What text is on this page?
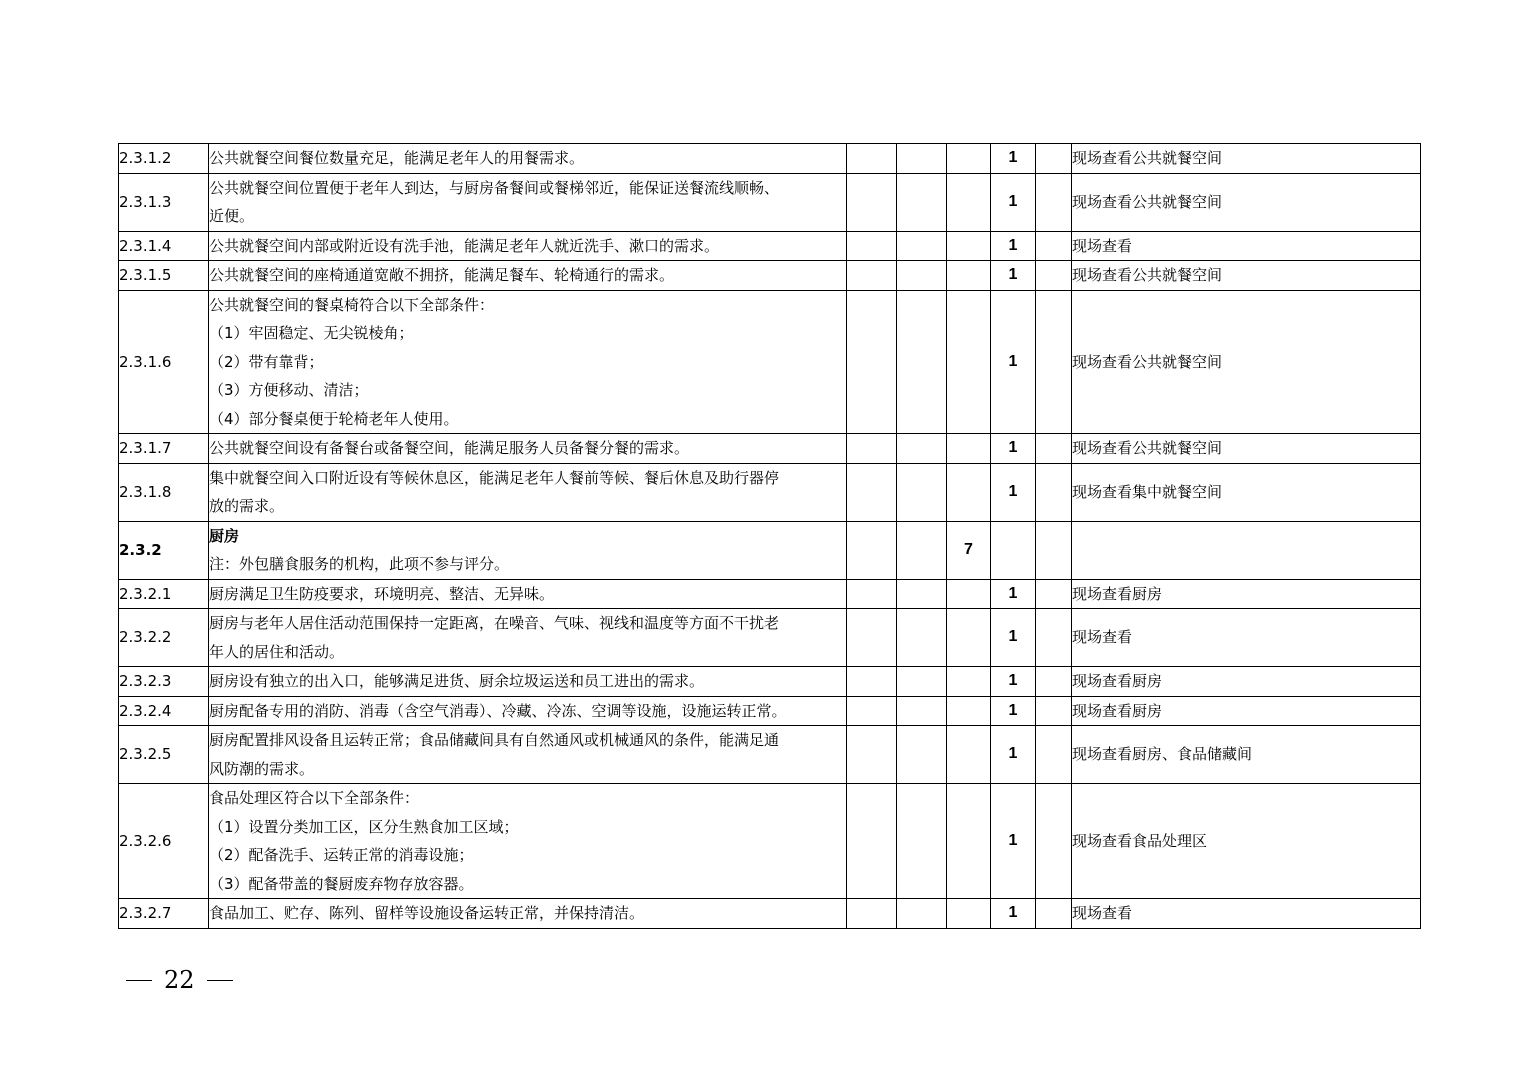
2.3.1.2	公共就餐空间餐位数量充足，能满足老年人的用餐需求。				1		现场查看公共就餐空间
2.3.1.3	公共就餐空间位置便于老年人到达，与厨房备餐间或餐梯邻近，能保证送餐流线顺畅、
近便。				1		现场查看公共就餐空间
2.3.1.4	公共就餐空间内部或附近设有洗手池，能满足老年人就近洗手、漱口的需求。				1		现场查看
2.3.1.5	公共就餐空间的座椅通道宽敞不拥挤，能满足餐车、轮椅通行的需求。				1		现场查看公共就餐空间
2.3.1.6	公共就餐空间的餐桌椅符合以下全部条件：
（1）牢固稳定、无尖锐棱角；
（2）带有靠背；
（3）方便移动、清洁；
（4）部分餐桌便于轮椅老年人使用。				1		现场查看公共就餐空间
2.3.1.7	公共就餐空间设有备餐台或备餐空间，能满足服务人员备餐分餐的需求。				1		现场查看公共就餐空间
2.3.1.8	集中就餐空间入口附近设有等候休息区，能满足老年人餐前等候、餐后休息及助行器停
放的需求。				1		现场查看集中就餐空间
2.3.2	厨房
注：外包膳食服务的机构，此项不参与评分。			7			
2.3.2.1	厨房满足卫生防疫要求，环境明亮、整洁、无异味。				1		现场查看厨房
2.3.2.2	厨房与老年人居住活动范围保持一定距离，在噪音、气味、视线和温度等方面不干扰老
年人的居住和活动。				1		现场查看
2.3.2.3	厨房设有独立的出入口，能够满足进货、厨余垃圾运送和员工进出的需求。				1		现场查看厨房
2.3.2.4	厨房配备专用的消防、消毒（含空气消毒）、冷藏、冷冻、空调等设施，设施运转正常。				1		现场查看厨房
2.3.2.5	厨房配置排风设备且运转正常；食品储藏间具有自然通风或机械通风的条件，能满足通
风防潮的需求。				1		现场查看厨房、食品储藏间
2.3.2.6	食品处理区符合以下全部条件：
（1）设置分类加工区，区分生熟食加工区域；
（2）配备洗手、运转正常的消毒设施；
（3）配备带盖的餐厨废弃物存放容器。				1		现场查看食品处理区
2.3.2.7	食品加工、贮存、陈列、留样等设施设备运转正常，并保持清洁。				1		现场查看
22
